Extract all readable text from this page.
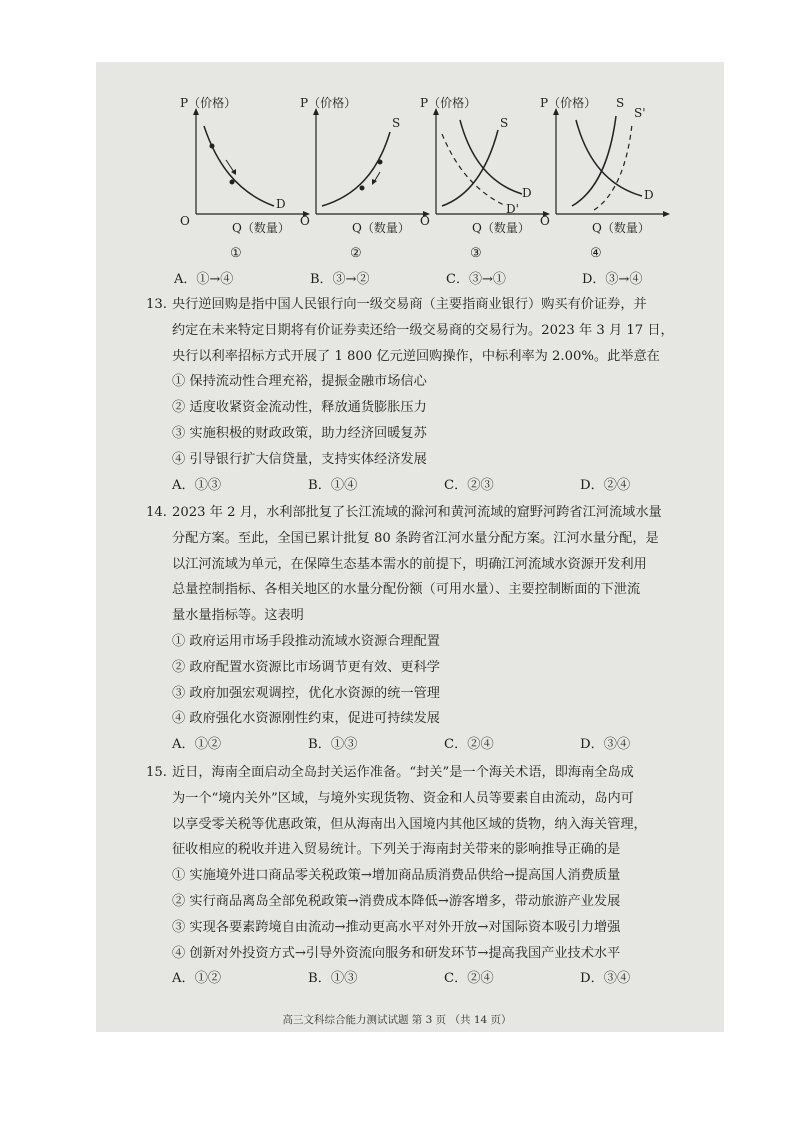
P（价格）
Q（数量）
O
D
①
P（价格）
Q（数量）
O
S
②
P（价格）
Q（数量）
O
S
D
D'
③
P（价格）
Q（数量）
O
S
S'
D
④
A．①→④	B．③→②	C．③→①	D．③→④
13. 央行逆回购是指中国人民银行向一级交易商（主要指商业银行）购买有价证券，并
约定在未来特定日期将有价证券卖还给一级交易商的交易行为。2023 年 3 月 17 日，
央行以利率招标方式开展了 1 800 亿元逆回购操作，中标利率为 2.00%。此举意在
① 保持流动性合理充裕，提振金融市场信心
② 适度收紧资金流动性，释放通货膨胀压力
③ 实施积极的财政政策，助力经济回暖复苏
④ 引导银行扩大信贷量，支持实体经济发展
A．①③	B．①④	C．②③	D．②④
14. 2023 年 2 月，水利部批复了长江流域的滁河和黄河流域的窟野河跨省江河流域水量
分配方案。至此，全国已累计批复 80 条跨省江河水量分配方案。江河水量分配，是
以江河流域为单元，在保障生态基本需水的前提下，明确江河流域水资源开发利用
总量控制指标、各相关地区的水量分配份额（可用水量）、主要控制断面的下泄流
量水量指标等。这表明
① 政府运用市场手段推动流域水资源合理配置
② 政府配置水资源比市场调节更有效、更科学
③ 政府加强宏观调控，优化水资源的统一管理
④ 政府强化水资源刚性约束，促进可持续发展
A．①②	B．①③	C．②④	D．③④
15. 近日，海南全面启动全岛封关运作准备。“封关”是一个海关术语，即海南全岛成
为一个“境内关外”区域，与境外实现货物、资金和人员等要素自由流动，岛内可
以享受零关税等优惠政策，但从海南出入国境内其他区域的货物，纳入海关管理，
征收相应的税收并进入贸易统计。下列关于海南封关带来的影响推导正确的是
① 实施境外进口商品零关税政策→增加商品质消费品供给→提高国人消费质量
② 实行商品离岛全部免税政策→消费成本降低→游客增多，带动旅游产业发展
③ 实现各要素跨境自由流动→推动更高水平对外开放→对国际资本吸引力增强
④ 创新对外投资方式→引导外资流向服务和研发环节→提高我国产业技术水平
A．①②	B．①③	C．②④	D．③④
高三文科综合能力测试试题 第 3 页 （共 14 页）
